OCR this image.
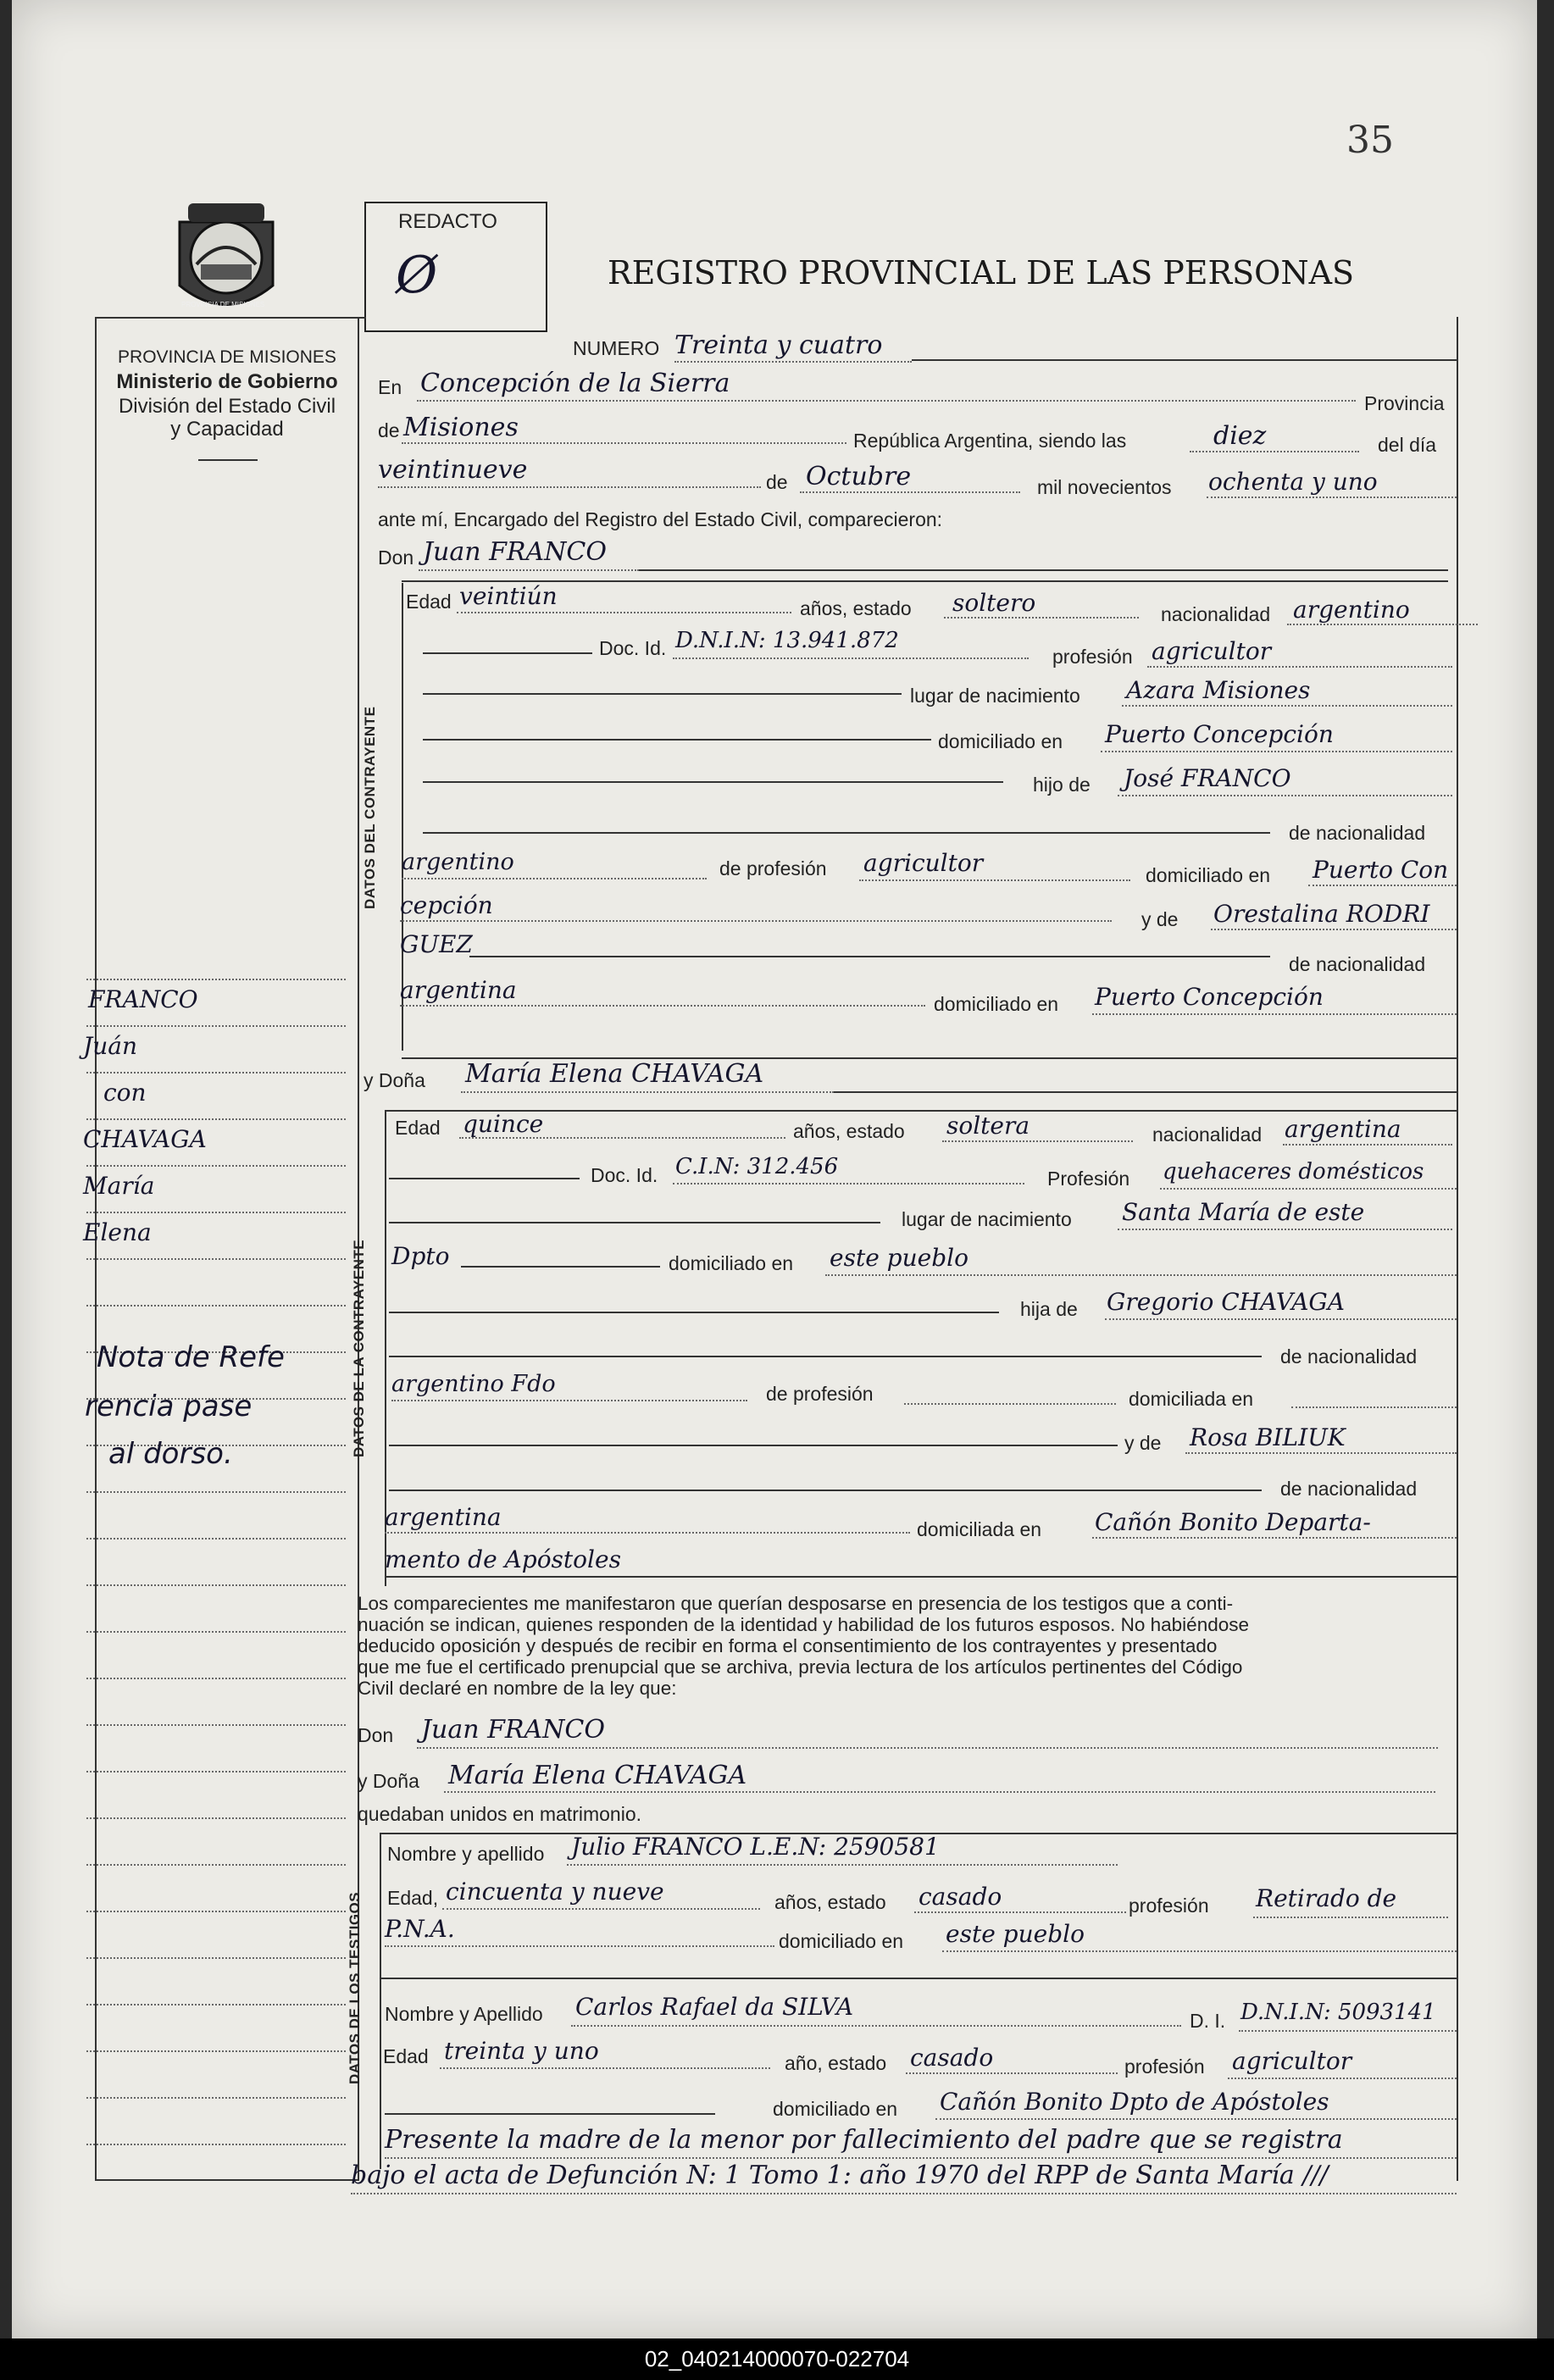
35
PROVINCIA DE MISIONES
PROVINCIA DE MISIONES
Ministerio de Gobierno
División del Estado Civil
y Capacidad
REDACTO
Ø	REGISTRO PROVINCIAL DE LAS PERSONAS
FRANCO
Juán
con
CHAVAGA
María
Elena
Nota de Refe
rencia pase
al dorso.
NUMERO Treinta y cuatro
En Concepción de la Sierra
Provincia
de Misiones	República Argentina, siendo las	diez	del día
veintinueve	de Octubre	mil novecientos ochenta y uno
ante mí, Encargado del Registro del Estado Civil, comparecieron:
Don Juan FRANCO
DATOS DEL CONTRAYENTE
Edad veintiún	años, estado soltero	nacionalidad argentino
Doc. Id. D.N.I.N: 13.941.872
profesión agricultor
lugar de nacimiento Azara Misiones
domiciliado en Puerto Concepción
hijo de José FRANCO
de nacionalidad
argentino	de profesión agricultor	domiciliado en Puerto Con
cepción	y de Orestalina RODRI
GUEZ
de nacionalidad
argentina	domiciliado en Puerto Concepción
y Doña María Elena CHAVAGA
DATOS DE LA CONTRAYENTE
Edad quince	años, estado soltera	nacionalidad argentina
Doc. Id. C.I.N: 312.456	Profesión quehaceres domésticos
lugar de nacimiento Santa María de este
Dpto	domiciliado en este pueblo
hija de Gregorio CHAVAGA
de nacionalidad
argentino Fdo	de profesión	domiciliada en
y de Rosa BILIUK
de nacionalidad
argentina	domiciliada en Cañón Bonito Departa-
mento de Apóstoles
Los comparecientes me manifestaron que querían desposarse en presencia de los testigos que a conti-
nuación se indican, quienes responden de la identidad y habilidad de los futuros esposos. No habiéndose
deducido oposición y después de recibir en forma el consentimiento de los contrayentes y presentado
que me fue el certificado prenupcial que se archiva, previa lectura de los artículos pertinentes del Código
Civil declaré en nombre de la ley que:
Don Juan FRANCO
y Doña María Elena CHAVAGA
quedaban unidos en matrimonio.
DATOS DE LOS TESTIGOS
Nombre y apellido Julio FRANCO L.E.N: 2590581
Edad, cincuenta y nueve	años, estado casado	profesión Retirado de
P.N.A.	domiciliado en este pueblo
Nombre y Apellido Carlos Rafael da SILVA	D. I. D.N.I.N: 5093141
Edad treinta y uno	año, estado casado	profesión agricultor
domiciliado en Cañón Bonito Dpto de Apóstoles
Presente la madre de la menor por fallecimiento del padre que se registra
bajo el acta de Defunción N: 1 Tomo 1: año 1970 del RPP de Santa María ///
02_040214000070-022704
